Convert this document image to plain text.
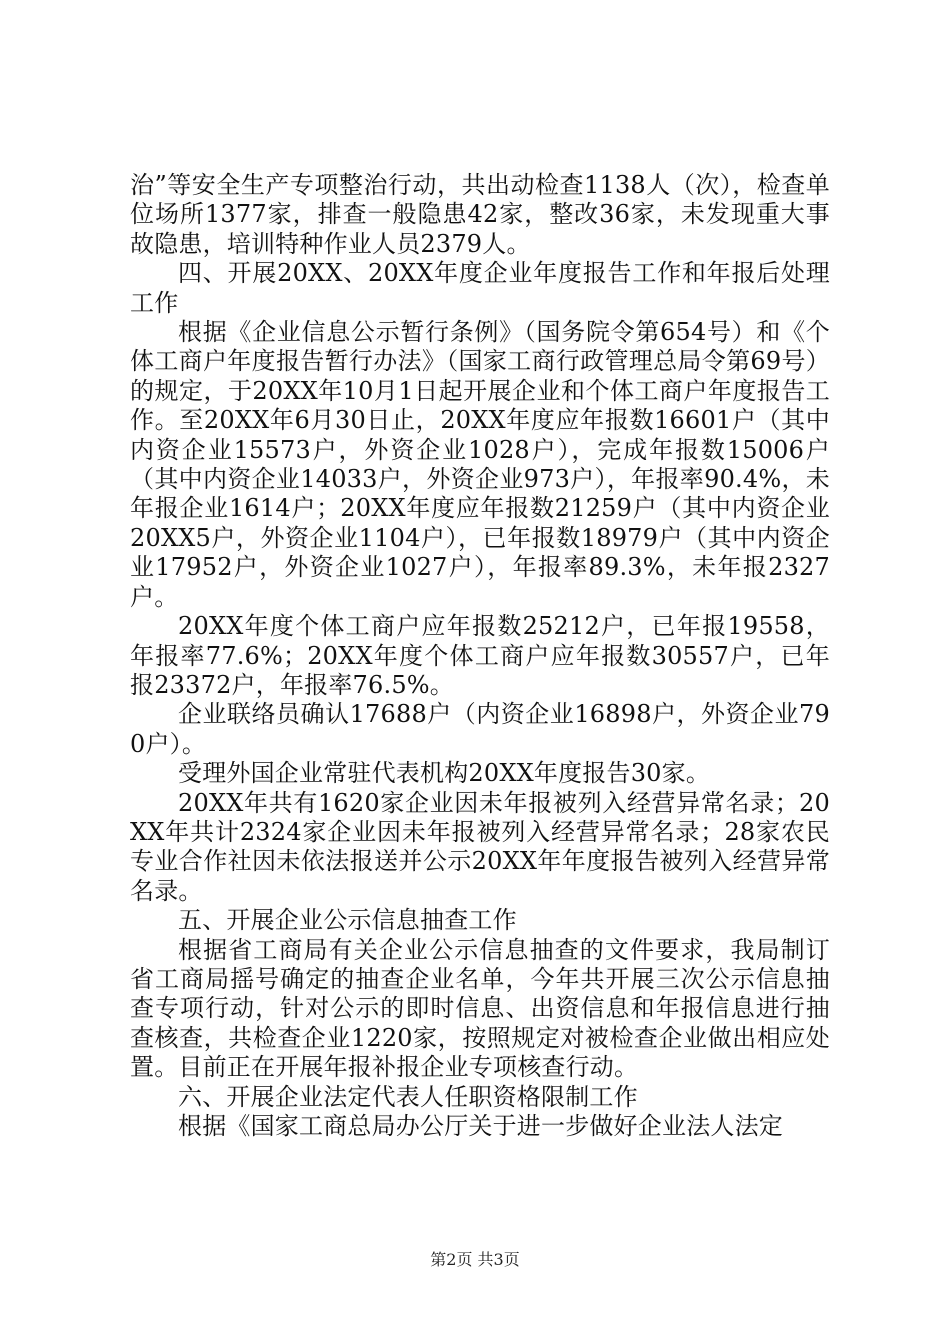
治”等安全生产专项整治行动，共出动检查1138人（次），检查单位场所1377家，排查一般隐患42家，整改36家，未发现重大事故隐患，培训特种作业人员2379人。

四、开展20XX、20XX年度企业年度报告工作和年报后处理工作

根据《企业信息公示暂行条例》（国务院令第654号）和《个体工商户年度报告暂行办法》（国家工商行政管理总局令第69号）的规定，于20XX年10月1日起开展企业和个体工商户年度报告工作。至20XX年6月30日止，20XX年度应年报数16601户（其中内资企业15573户，外资企业1028户），完成年报数15006户（其中内资企业14033户，外资企业973户），年报率90.4%，未年报企业1614户；20XX年度应年报数21259户（其中内资企业20XX5户，外资企业1104户），已年报数18979户（其中内资企业17952户，外资企业1027户），年报率89.3%，未年报2327户。

20XX年度个体工商户应年报数25212户，已年报19558，年报率77.6%；20XX年度个体工商户应年报数30557户，已年报23372户，年报率76.5%。

企业联络员确认17688户（内资企业16898户，外资企业790户）。

受理外国企业常驻代表机构20XX年度报告30家。

20XX年共有1620家企业因未年报被列入经营异常名录；20XX年共计2324家企业因未年报被列入经营异常名录；28家农民专业合作社因未依法报送并公示20XX年年度报告被列入经营异常名录。

五、开展企业公示信息抽查工作

根据省工商局有关企业公示信息抽查的文件要求，我局制订省工商局摇号确定的抽查企业名单，今年共开展三次公示信息抽查专项行动，针对公示的即时信息、出资信息和年报信息进行抽查核查，共检查企业1220家，按照规定对被检查企业做出相应处置。目前正在开展年报补报企业专项核查行动。

六、开展企业法定代表人任职资格限制工作

根据《国家工商总局办公厅关于进一步做好企业法人法定

第2页 共3页
